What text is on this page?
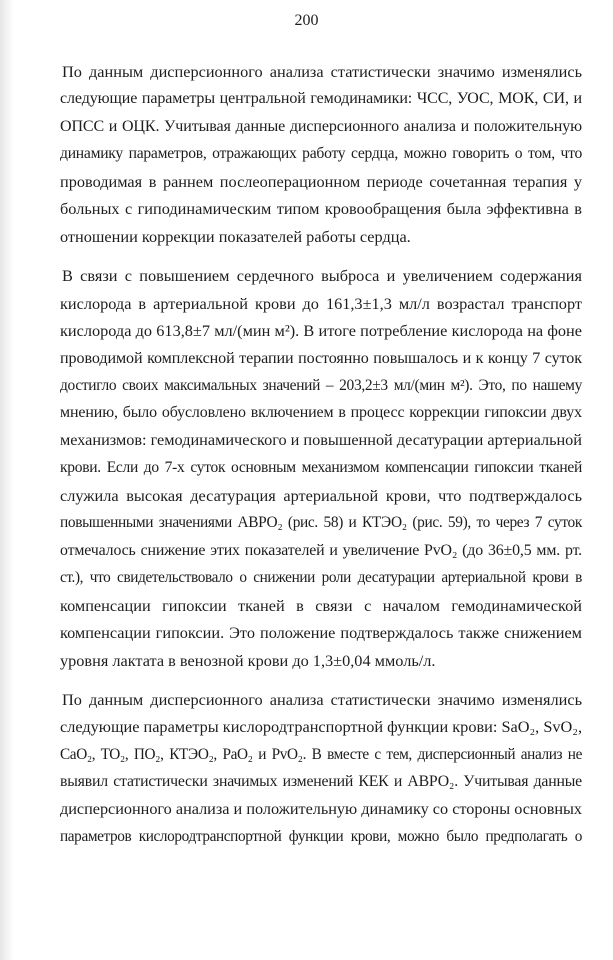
200
По данным дисперсионного анализа статистически значимо изменялись
следующие параметры центральной гемодинамики: ЧСС, УОС, МОК, СИ, и
ОПСС и ОЦК. Учитывая данные дисперсионного анализа и положительную
динамику параметров, отражающих работу сердца, можно говорить о том, что
проводимая в раннем послеоперационном периоде сочетанная терапия у
больных с гиподинамическим типом кровообращения была эффективна в
отношении коррекции показателей работы сердца.
В связи с повышением сердечного выброса и увеличением содержания
кислорода в артериальной крови до 161,3±1,3 мл/л возрастал транспорт
кислорода до 613,8±7 мл/(мин м²). В итоге потребление кислорода на фоне
проводимой комплексной терапии постоянно повышалось и к концу 7 суток
достигло своих максимальных значений – 203,2±3 мл/(мин м²). Это, по нашему
мнению, было обусловлено включением в процесс коррекции гипоксии двух
механизмов: гемодинамического и повышенной десатурации артериальной
крови. Если до 7-х суток основным механизмом компенсации гипоксии тканей
служила высокая десатурация артериальной крови, что подтверждалось
повышенными значениями АВРО₂ (рис. 58) и КТЭО₂ (рис. 59), то через 7 суток
отмечалось снижение этих показателей и увеличение PvO₂ (до 36±0,5 мм. рт.
ст.), что свидетельствовало о снижении роли десатурации артериальной крови в
компенсации гипоксии тканей в связи с началом гемодинамической
компенсации гипоксии. Это положение подтверждалось также снижением
уровня лактата в венозной крови до 1,3±0,04 ммоль/л.
По данным дисперсионного анализа статистически значимо изменялись
следующие параметры кислородтранспортной функции крови: SaO₂, SvO₂,
CaO₂, TO₂, ПO₂, КТЭО₂, PaO₂ и PvO₂. В вместе с тем, дисперсионный анализ не
выявил статистически значимых изменений КЕК и АВРО₂. Учитывая данные
дисперсионного анализа и положительную динамику со стороны основных
параметров кислородтранспортной функции крови, можно было предполагать о
